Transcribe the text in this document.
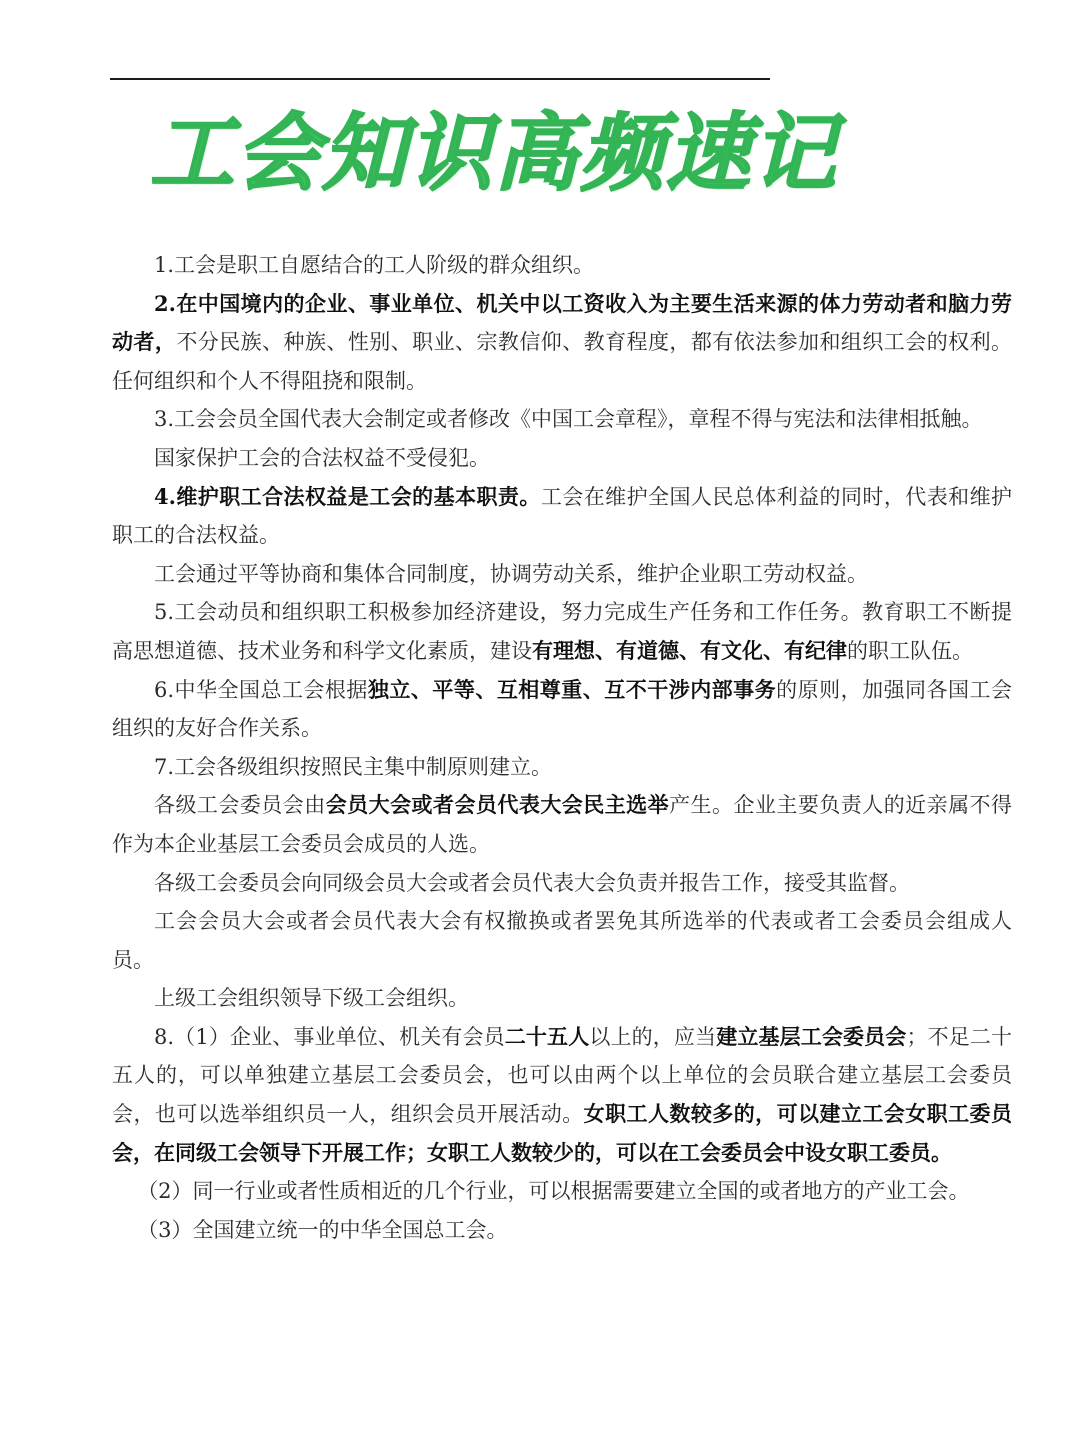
工会知识高频速记

1.工会是职工自愿结合的工人阶级的群众组织。

2.在中国境内的企业、事业单位、机关中以工资收入为主要生活来源的体力劳动者和脑力劳动者，不分民族、种族、性别、职业、宗教信仰、教育程度，都有依法参加和组织工会的权利。任何组织和个人不得阻挠和限制。

3.工会会员全国代表大会制定或者修改《中国工会章程》，章程不得与宪法和法律相抵触。

国家保护工会的合法权益不受侵犯。

4.维护职工合法权益是工会的基本职责。工会在维护全国人民总体利益的同时，代表和维护职工的合法权益。

工会通过平等协商和集体合同制度，协调劳动关系，维护企业职工劳动权益。

5.工会动员和组织职工积极参加经济建设，努力完成生产任务和工作任务。教育职工不断提高思想道德、技术业务和科学文化素质，建设有理想、有道德、有文化、有纪律的职工队伍。

6.中华全国总工会根据独立、平等、互相尊重、互不干涉内部事务的原则，加强同各国工会组织的友好合作关系。

7.工会各级组织按照民主集中制原则建立。

各级工会委员会由会员大会或者会员代表大会民主选举产生。企业主要负责人的近亲属不得作为本企业基层工会委员会成员的人选。

各级工会委员会向同级会员大会或者会员代表大会负责并报告工作，接受其监督。

工会会员大会或者会员代表大会有权撤换或者罢免其所选举的代表或者工会委员会组成人员。

上级工会组织领导下级工会组织。

8.（1）企业、事业单位、机关有会员二十五人以上的，应当建立基层工会委员会；不足二十五人的，可以单独建立基层工会委员会，也可以由两个以上单位的会员联合建立基层工会委员会，也可以选举组织员一人，组织会员开展活动。女职工人数较多的，可以建立工会女职工委员会，在同级工会领导下开展工作；女职工人数较少的，可以在工会委员会中设女职工委员。

（2）同一行业或者性质相近的几个行业，可以根据需要建立全国的或者地方的产业工会。

（3）全国建立统一的中华全国总工会。
